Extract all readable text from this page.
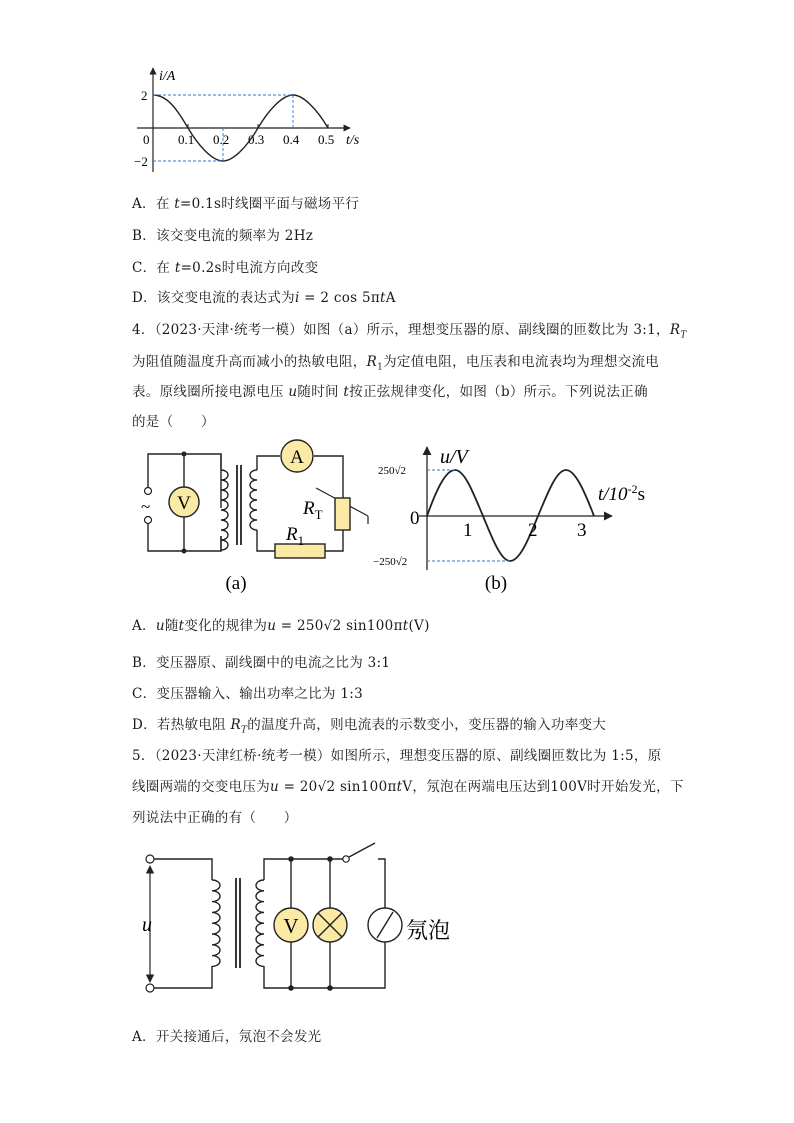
i/A
t/s
0
2
−2
0.1 0.2 0.3 0.4 0.5
A．在 t=0.1s时线圈平面与磁场平行
B．该交变电流的频率为 2Hz
C．在 t=0.2s时电流方向改变
D．该交变电流的表达式为i = 2 cos 5πtA
4．（2023·天津·统考一模）如图（a）所示，理想变压器的原、副线圈的匝数比为 3:1，$R_T$
为阻值随温度升高而减小的热敏电阻，$R_1$为定值电阻，电压表和电流表均为理想交流电
表。原线圈所接电源电压 u随时间 t按正弦规律变化，如图（b）所示。下列说法正确
的是（　　）
V
A
~	$R_T$
$R_1$
(a)
u/V
$t/10^{-2}s$
0
250√2
−250√2
1	2 3
(b)
A．u随t变化的规律为u = 250√2 sin100πt(V)
B．变压器原、副线圈中的电流之比为 3:1
C．变压器输入、输出功率之比为 1:3
D．若热敏电阻 $R_T$的温度升高，则电流表的示数变小，变压器的输入功率变大
5．（2023·天津红桥·统考一模）如图所示，理想变压器的原、副线圈匝数比为 1:5，原
线圈两端的交变电压为u = 20√2 sin100πtV，氖泡在两端电压达到100V时开始发光，下
列说法中正确的有（　　）
u	V	氖泡
A．开关接通后，氖泡不会发光
